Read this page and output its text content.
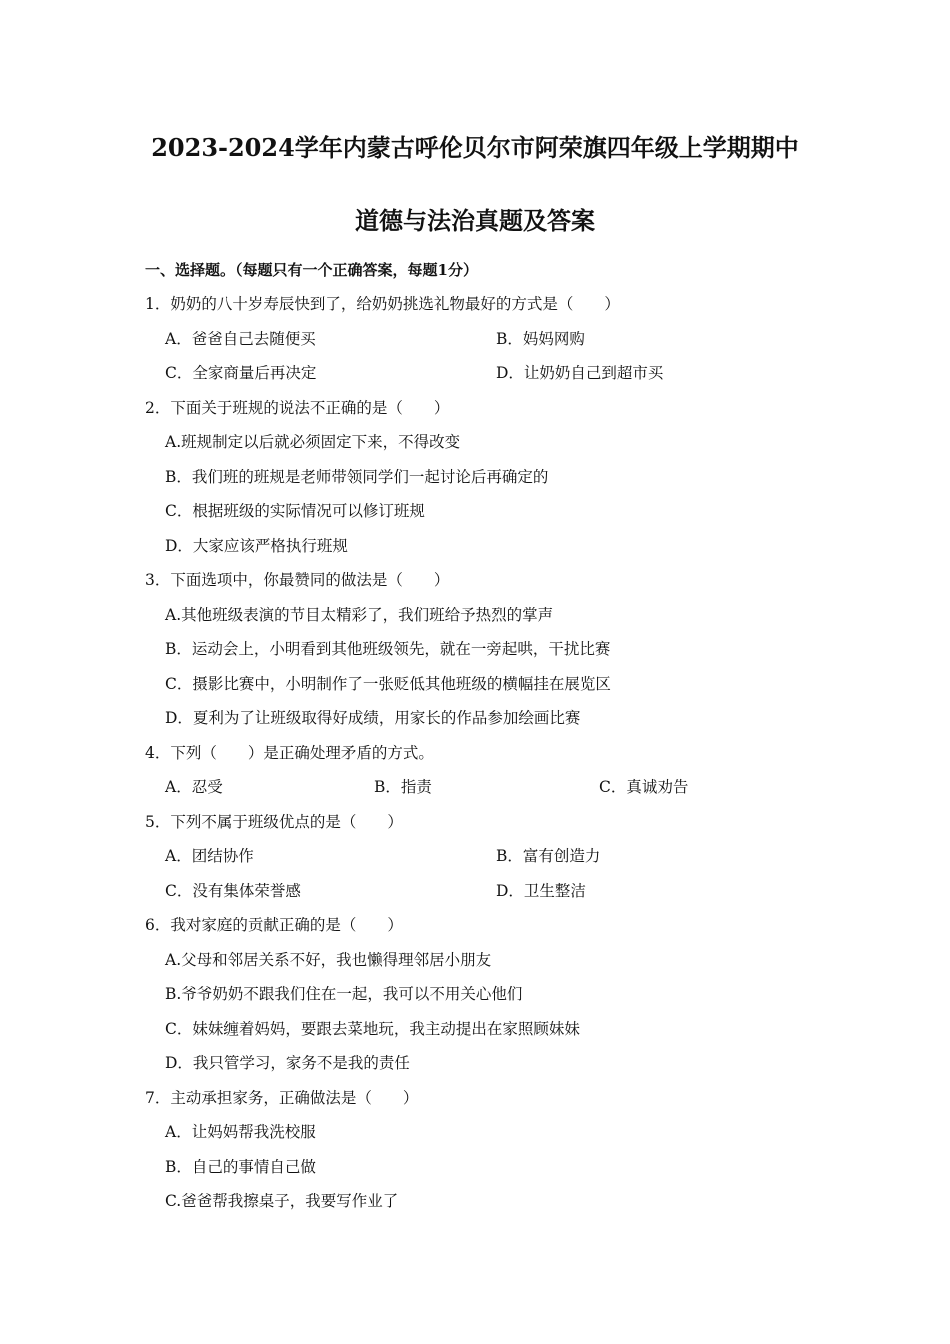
2023-2024学年内蒙古呼伦贝尔市阿荣旗四年级上学期期中
道德与法治真题及答案
一、选择题。（每题只有一个正确答案，每题1分）
1．奶奶的八十岁寿辰快到了，给奶奶挑选礼物最好的方式是（　　）
A．爸爸自己去随便买	B．妈妈网购
C．全家商量后再决定	D．让奶奶自己到超市买
2．下面关于班规的说法不正确的是（　　）
A.班规制定以后就必须固定下来，不得改变
B．我们班的班规是老师带领同学们一起讨论后再确定的
C．根据班级的实际情况可以修订班规
D．大家应该严格执行班规
3．下面选项中，你最赞同的做法是（　　）
A.其他班级表演的节目太精彩了，我们班给予热烈的掌声
B．运动会上，小明看到其他班级领先，就在一旁起哄，干扰比赛
C．摄影比赛中，小明制作了一张贬低其他班级的横幅挂在展览区
D．夏利为了让班级取得好成绩，用家长的作品参加绘画比赛
4．下列（　　）是正确处理矛盾的方式。
A．忍受	B．指责	C．真诚劝告
5．下列不属于班级优点的是（　　）
A．团结协作	B．富有创造力
C．没有集体荣誉感	D．卫生整洁
6．我对家庭的贡献正确的是（　　）
A.父母和邻居关系不好，我也懒得理邻居小朋友
B.爷爷奶奶不跟我们住在一起，我可以不用关心他们
C．妹妹缠着妈妈，要跟去菜地玩，我主动提出在家照顾妹妹
D．我只管学习，家务不是我的责任
7．主动承担家务，正确做法是（　　）
A．让妈妈帮我洗校服
B．自己的事情自己做
C.爸爸帮我擦桌子，我要写作业了
